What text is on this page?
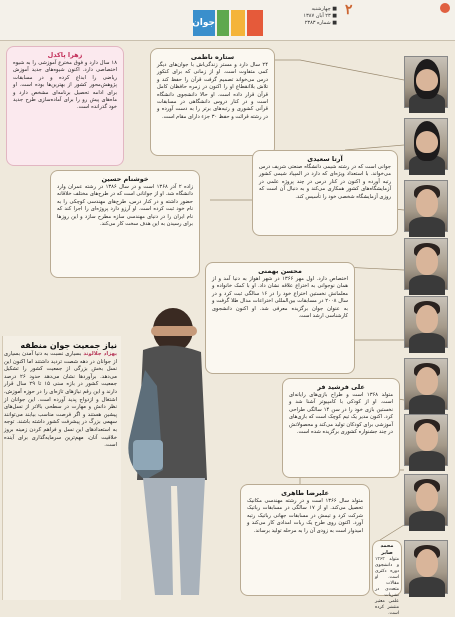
۲
■ چهارشنبه
■ ۲۳ آبان ۱۳۸۷
■ شماره ۲۳۸۳
جوان
ستاره ناظمی
۲۴ سال دارد و مستر زندگی‌اش با جوان‌های دیگر کمی متفاوت است. او از زمانی که برای کنکور درس می‌خواند تصمیم گرفت قرآن را حفظ کند و تلاش بلاانقطاع او را اکنون در زمره حافظان کامل قرآن قرار داده است. او حالا دانشجوی دانشگاه است و در کنار دروس دانشگاهی در مسابقات قرآنی کشوری و رتبه‌های برتر را به دست آورده و در رشته قرائت و حفظ ۳۰ جزء دارای مقام است.
زهرا پاکدل
۱۸ سال دارد و فوق مخترع آموزشی را به شیوه اختصاصی دارد. اکنون شیوه‌های جدید آموزش ریاضی را ابداع کرده و در مسابقات پژوهش‌محور کشور از بهترین‌ها بوده است. او برای ادامه تحصیل برنامه‌ای مشخص دارد و ماه‌های پیش رو را برای آماده‌سازی طرح جدید خود گذرانده است.
آرتا سعیدی
جوانی است که در رشته شیمی دانشگاه صنعتی شریف درس می‌خواند. با استعداد ویژه‌ای که دارد در المپیاد شیمی کشور رتبه آورده و اکنون در کنار درس در چند پروژه علمی در آزمایشگاه‌های کشور همکاری می‌کند و به دنبال آن است که روزی آزمایشگاه شخصی خود را تأسیس کند.
خوشنام حسین
زاده ۲ آذر ۱۳۶۸ است و در سال ۱۳۸۶ در رشته عمران وارد دانشگاه شد. او از جوانانی است که در طرح‌های مختلف خلاقانه حضور داشته و در کنار درس، طرح‌های مهندسی کوچکی را به نام خود ثبت کرده است. او آرزو دارد پروژه‌ای را اجرا کند که نام ایران را در دنیای مهندسی سازه مطرح سازد و این روزها برای رسیدن به این هدف سخت کار می‌کند.
محسن بهمنی
اختصاص دارد. اول مهر ۱۳۶۶ در شهر اهواز به دنیا آمد و از همان نوجوانی به اختراع علاقه نشان داد. او با کمک خانواده و معلمانش نخستین اختراع خود را در ۱۶ سالگی ثبت کرد و در سال ۲۰۰۸ در مسابقات بین‌المللی اختراعات مدال طلا گرفت و به عنوان جوان برگزیده معرفی شد. او اکنون دانشجوی کارشناسی ارشد است.
علی فرشید فر
متولد ۱۳۶۸ است و طراح بازی‌های رایانه‌ای است. او از کودکی با کامپیوتر آشنا شد و نخستین بازی خود را در سن ۱۴ سالگی طراحی کرد. اکنون مدیر یک تیم کوچک است که بازی‌های آموزشی برای کودکان تولید می‌کند و محصولاتش در چند جشنواره کشوری برگزیده شده است.
علیرضا طاهری
متولد سال ۱۳۶۶ است و در رشته مهندسی مکانیک تحصیل می‌کند. او از ۱۷ سالگی در مسابقات رباتیک شرکت کرد و تیمش در مسابقات جهانی رباتیک رتبه آورد. اکنون روی طرح یک ربات امدادی کار می‌کند و امیدوار است به زودی آن را به مرحله تولید برساند.
محمد صابر
متولد ۱۳۶۳ و دانشجوی دوره دکتری است. او مقالات متعددی در نشریات علمی معتبر منتشر کرده است.
نیاز جمعیت جوان منطقه
بهزاد جلالوند بسیاری نسبت به دنیا آمدن بسیاری از جوانان در دهه شصت تردید داشتند اما اکنون این نسل بخش بزرگی از جمعیت کشور را تشکیل می‌دهد. برآوردها نشان می‌دهد حدود ۲۶ درصد جمعیت کشور در بازه سنی ۱۵ تا ۲۹ سال قرار دارند و این رقم نیازهای تازه‌ای را در حوزه آموزش، اشتغال و ازدواج پدید آورده است. این جوانان از نظر دانش و مهارت در سطحی بالاتر از نسل‌های پیشین هستند و اگر فرصت مناسب بیابند می‌توانند سهمی بزرگ در پیشرفت کشور داشته باشند. توجه به استعدادهای این نسل و فراهم کردن زمینه بروز خلاقیت آنان، مهم‌ترین سرمایه‌گذاری برای آینده است.
